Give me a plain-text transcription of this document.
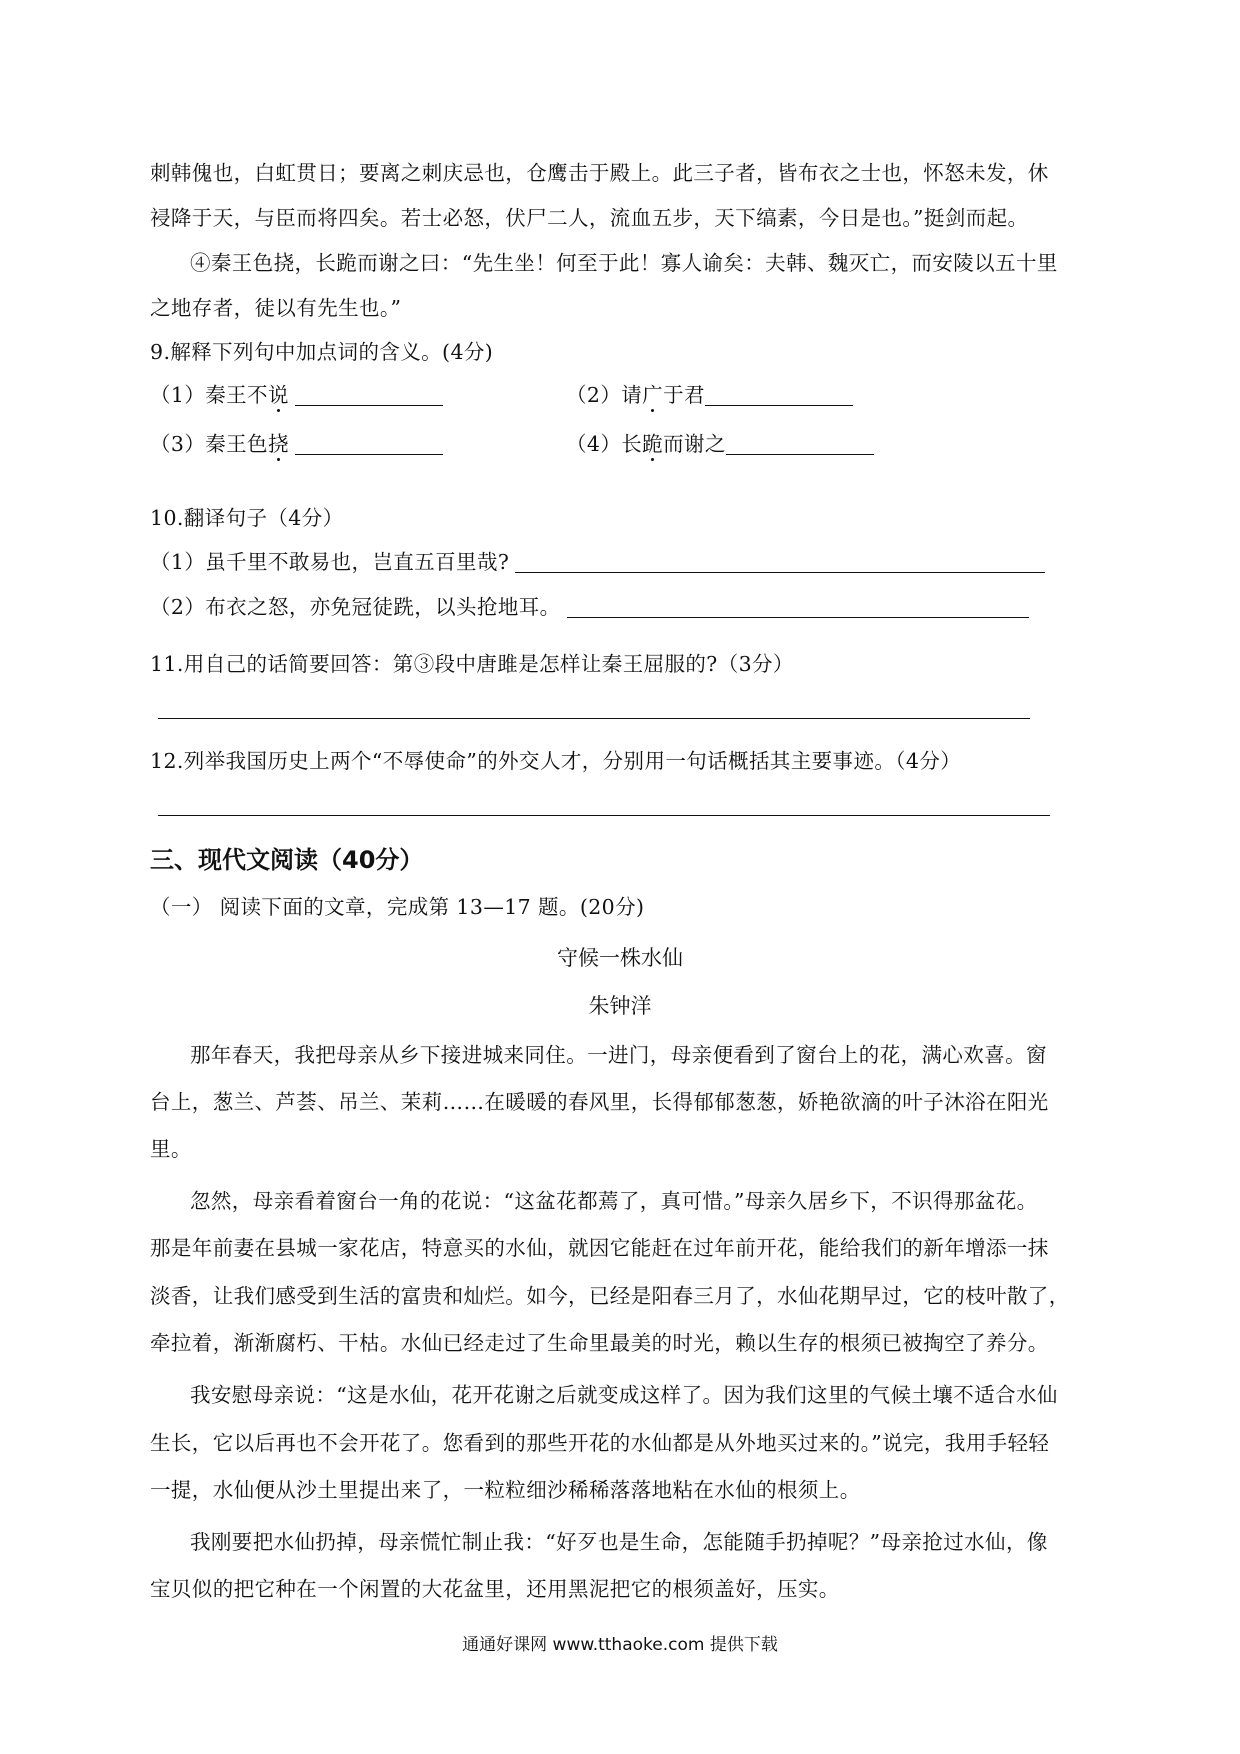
刺韩傀也，白虹贯日；要离之刺庆忌也，仓鹰击于殿上。此三子者，皆布衣之士也，怀怒未发，休
祲降于天，与臣而将四矣。若士必怒，伏尸二人，流血五步，天下缟素，今日是也。”挺剑而起。
④秦王色挠，长跪而谢之曰：“先生坐！何至于此！寡人谕矣：夫韩、魏灭亡，而安陵以五十里
之地存者，徒以有先生也。”
9.解释下列句中加点词的含义。(4分)
（1）秦王不说	（2）请广于君
（3）秦王色挠	（4）长跪而谢之
10.翻译句子（4分）
（1）虽千里不敢易也，岂直五百里哉?
（2）布衣之怒，亦免冠徒跣，以头抢地耳。
11.用自己的话简要回答：第③段中唐雎是怎样让秦王屈服的?（3分）
12.列举我国历史上两个“不辱使命”的外交人才，分别用一句话概括其主要事迹。（4分）
三、现代文阅读（40分）
（一） 阅读下面的文章，完成第 13—17 题。(20分)
守候一株水仙
朱钟洋
那年春天，我把母亲从乡下接进城来同住。一进门，母亲便看到了窗台上的花，满心欢喜。窗
台上，葱兰、芦荟、吊兰、茉莉……在暖暖的春风里，长得郁郁葱葱，娇艳欲滴的叶子沐浴在阳光
里。
忽然，母亲看着窗台一角的花说：“这盆花都蔫了，真可惜。”母亲久居乡下，不识得那盆花。
那是年前妻在县城一家花店，特意买的水仙，就因它能赶在过年前开花，能给我们的新年增添一抹
淡香，让我们感受到生活的富贵和灿烂。如今，已经是阳春三月了，水仙花期早过，它的枝叶散了，
牵拉着，渐渐腐朽、干枯。水仙已经走过了生命里最美的时光，赖以生存的根须已被掏空了养分。
我安慰母亲说：“这是水仙，花开花谢之后就变成这样了。因为我们这里的气候土壤不适合水仙
生长，它以后再也不会开花了。您看到的那些开花的水仙都是从外地买过来的。”说完，我用手轻轻
一提，水仙便从沙土里提出来了，一粒粒细沙稀稀落落地粘在水仙的根须上。
我刚要把水仙扔掉，母亲慌忙制止我：“好歹也是生命，怎能随手扔掉呢？”母亲抢过水仙，像
宝贝似的把它种在一个闲置的大花盆里，还用黑泥把它的根须盖好，压实。
通通好课网 www.tthaoke.com 提供下载
